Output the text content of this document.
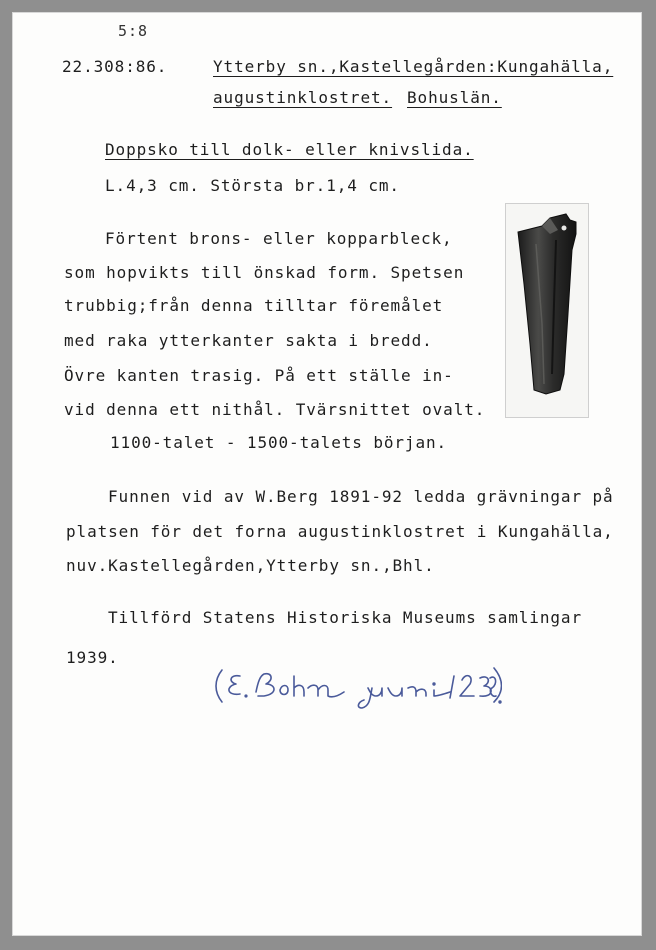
5:8
22.308:86.	Ytterby sn.,Kastellegården:Kungahälla,
augustinklostret. Bohuslän.
Doppsko till dolk- eller knivslida.
L.4,3 cm. Största br.1,4 cm.
Förtent brons- eller kopparbleck,
som hopvikts till önskad form. Spetsen
trubbig;från denna tilltar föremålet
med raka ytterkanter sakta i bredd.
Övre kanten trasig. På ett ställe in-
vid denna ett nithål. Tvärsnittet ovalt.
1100-talet - 1500-talets början.
Funnen vid av W.Berg 1891-92 ledda grävningar på
platsen för det forna augustinklostret i Kungahälla,
nuv.Kastellegården,Ytterby sn.,Bhl.
Tillförd Statens Historiska Museums samlingar
1939.
